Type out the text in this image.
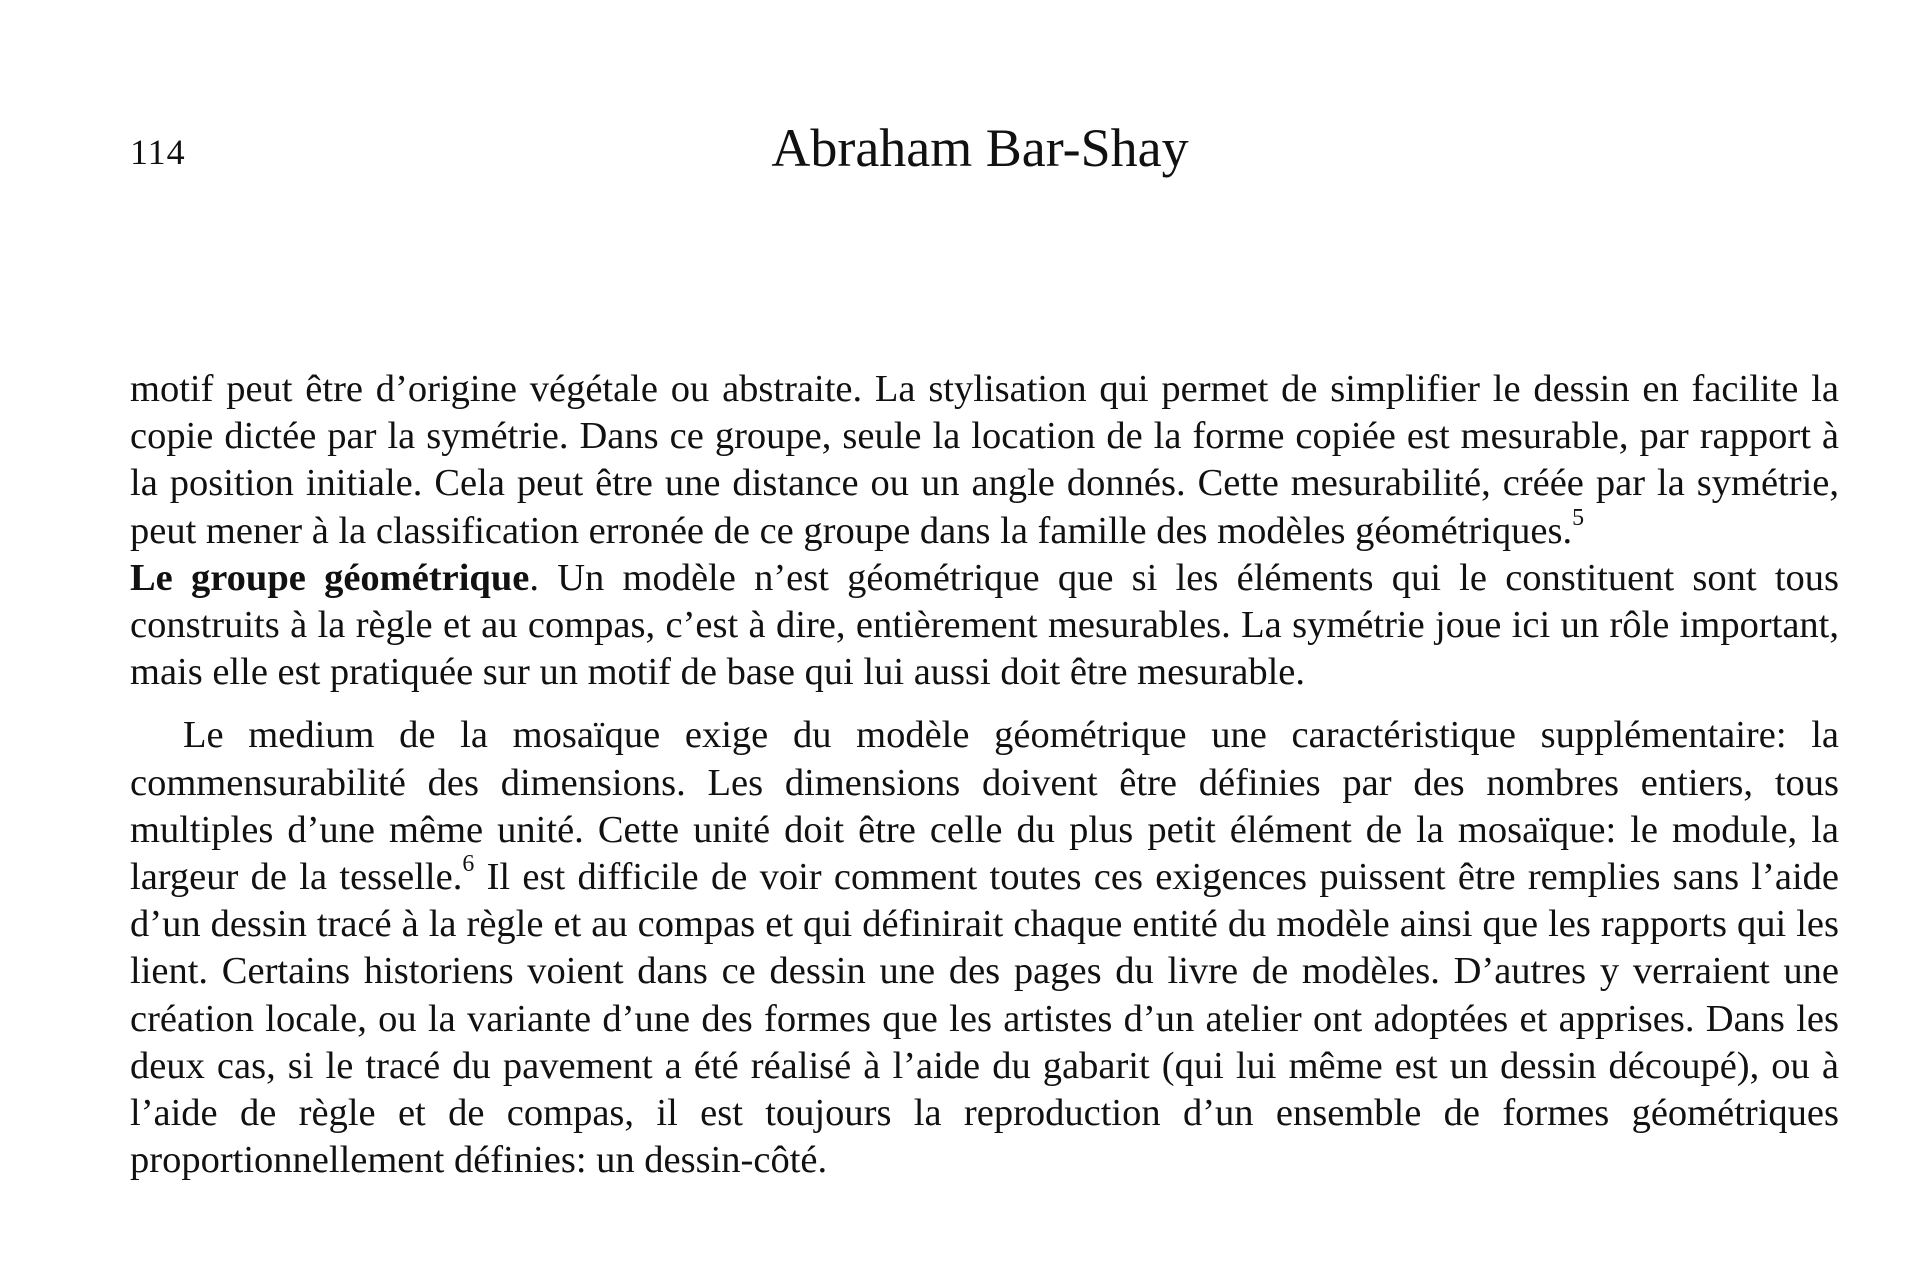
114	Abraham Bar-Shay

motif peut être d’origine végétale ou abstraite. La stylisation qui permet de simplifier le dessin en facilite la copie dictée par la symétrie. Dans ce groupe, seule la location de la forme copiée est mesurable, par rapport à la position initiale. Cela peut être une distance ou un angle donnés. Cette mesurabilité, créée par la symétrie, peut mener à la classification erronée de ce groupe dans la famille des modèles géométriques.$^5$

Le groupe géométrique. Un modèle n’est géométrique que si les éléments qui le constituent sont tous construits à la règle et au compas, c’est à dire, entièrement mesurables. La symétrie joue ici un rôle important, mais elle est pratiquée sur un motif de base qui lui aussi doit être mesurable.

Le medium de la mosaïque exige du modèle géométrique une caractéristique supplémentaire: la commensurabilité des dimensions. Les dimensions doivent être définies par des nombres entiers, tous multiples d’une même unité. Cette unité doit être celle du plus petit élément de la mosaïque: le module, la largeur de la tesselle.$^6$ Il est difficile de voir comment toutes ces exigences puissent être remplies sans l’aide d’un dessin tracé à la règle et au compas et qui définirait chaque entité du modèle ainsi que les rapports qui les lient. Certains historiens voient dans ce dessin une des pages du livre de modèles. D’autres y verraient une création locale, ou la variante d’une des formes que les artistes d’un atelier ont adoptées et apprises. Dans les deux cas, si le tracé du pavement a été réalisé à l’aide du gabarit (qui lui même est un dessin découpé), ou à l’aide de règle et de compas, il est toujours la reproduction d’un ensemble de formes géométriques proportionnellement définies: un dessin-côté.
